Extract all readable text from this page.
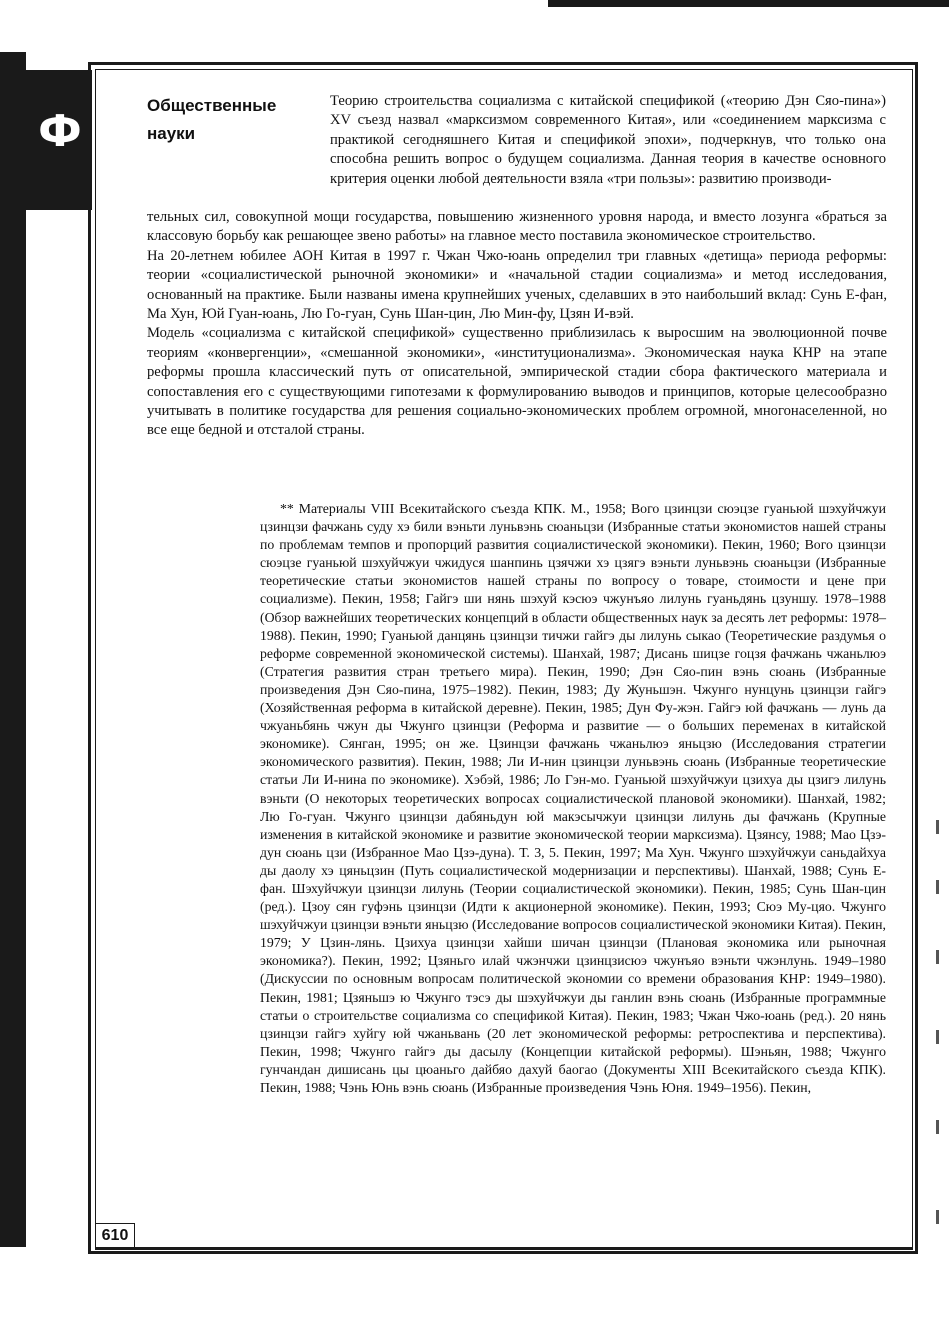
Ф
610
Общественные науки

Теорию строительства социализма с китайской спецификой («теорию Дэн Сяо-пина») XV съезд назвал «марксизмом современного Китая», или «соединением марксизма с практикой сегодняшнего Китая и спецификой эпохи», подчеркнув, что только она способна решить вопрос о будущем социализма. Данная теория в качестве основного критерия оценки любой деятельности взяла «три пользы»: развитию производи-

тельных сил, совокупной мощи государства, повышению жизненного уровня народа, и вместо лозунга «браться за классовую борьбу как решающее звено работы» на главное место поставила экономическое строительство.

На 20-летнем юбилее АОН Китая в 1997 г. Чжан Чжо-юань определил три главных «детища» периода реформы: теории «социалистической рыночной экономики» и «начальной стадии социализма» и метод исследования, основанный на практике. Были названы имена крупнейших ученых, сделавших в это наибольший вклад: Сунь Е-фан, Ма Хун, Юй Гуан-юань, Лю Го-гуан, Сунь Шан-цин, Лю Мин-фу, Цзян И-вэй.

Модель «социализма с китайской спецификой» существенно приблизилась к выросшим на эволюционной почве теориям «конвергенции», «смешанной экономики», «институционализма». Экономическая наука КНР на этапе реформы прошла классический путь от описательной, эмпирической стадии сбора фактического материала и сопоставления его с существующими гипотезами к формулированию выводов и принципов, которые целесообразно учитывать в политике государства для решения социально-экономических проблем огромной, многонаселенной, но все еще бедной и отсталой страны.

** Материалы VIII Всекитайского съезда КПК. М., 1958; Вого цзинцзи сюэцзе гуаньюй шэхуйчжуи цзинцзи фачжань суду хэ били вэньти луньвэнь сюаньцзи (Избранные статьи экономистов нашей страны по проблемам темпов и пропорций развития социалистической экономики). Пекин, 1960; Вого цзинцзи сюэцзе гуаньюй шэхуйчжуи чжидуся шанпинь цзячжи хэ цзягэ вэньти луньвэнь сюаньцзи (Избранные теоретические статьи экономистов нашей страны по вопросу о товаре, стоимости и цене при социализме). Пекин, 1958; Гайгэ ши нянь шэхуй кэсюэ чжунъяо лилунь гуаньдянь цзуншу. 1978–1988 (Обзор важнейших теоретических концепций в области общественных наук за десять лет реформы: 1978–1988). Пекин, 1990; Гуаньюй данцянь цзинцзи тичжи гайгэ ды лилунь сыкао (Теоретические раздумья о реформе современной экономической системы). Шанхай, 1987; Дисань шицзе гоцзя фачжань чжаньлюэ (Стратегия развития стран третьего мира). Пекин, 1990; Дэн Сяо-пин вэнь сюань (Избранные произведения Дэн Сяо-пина, 1975–1982). Пекин, 1983; Ду Жуньшэн. Чжунго нунцунь цзинцзи гайгэ (Хозяйственная реформа в китайской деревне). Пекин, 1985; Дун Фу-жэн. Гайгэ юй фачжань — лунь да чжуаньбянь чжун ды Чжунго цзинцзи (Реформа и развитие — о больших переменах в китайской экономике). Сянган, 1995; он же. Цзинцзи фачжань чжаньлюэ яньцзю (Исследования стратегии экономического развития). Пекин, 1988; Ли И-нин цзинцзи луньвэнь сюань (Избранные теоретические статьи Ли И-нина по экономике). Хэбэй, 1986; Ло Гэн-мо. Гуаньюй шэхуйчжуи цзихуа ды цзигэ лилунь вэньти (О некоторых теоретических вопросах социалистической плановой экономики). Шанхай, 1982; Лю Го-гуан. Чжунго цзинцзи дабяньдун юй макэсычжуи цзинцзи лилунь ды фачжань (Крупные изменения в китайской экономике и развитие экономической теории марксизма). Цзянсу, 1988; Мао Цзэ-дун сюань цзи (Избранное Мао Цзэ-дуна). Т. 3, 5. Пекин, 1997; Ма Хун. Чжунго шэхуйчжуи саньдайхуа ды даолу хэ цяньцзин (Путь социалистической модернизации и перспективы). Шанхай, 1988; Сунь Е-фан. Шэхуйчжуи цзинцзи лилунь (Теории социалистической экономики). Пекин, 1985; Сунь Шан-цин (ред.). Цзоу сян гуфэнь цзинцзи (Идти к акционерной экономике). Пекин, 1993; Сюэ Му-цяо. Чжунго шэхуйчжуи цзинцзи вэньти яньцзю (Исследование вопросов социалистической экономики Китая). Пекин, 1979; У Цзин-лянь. Цзихуа цзинцзи хайши шичан цзинцзи (Плановая экономика или рыночная экономика?). Пекин, 1992; Цзяньго илай чжэнчжи цзинцзисюэ чжунъяо вэньти чжэнлунь. 1949–1980 (Дискуссии по основным вопросам политической экономии со времени образования КНР: 1949–1980). Пекин, 1981; Цзяньшэ ю Чжунго тэсэ ды шэхуйчжуи ды ганлин вэнь сюань (Избранные программные статьи о строительстве социализма со спецификой Китая). Пекин, 1983; Чжан Чжо-юань (ред.). 20 нянь цзинцзи гайгэ хуйгу юй чжаньвань (20 лет экономической реформы: ретроспектива и перспектива). Пекин, 1998; Чжунго гайгэ ды дасылу (Концепции китайской реформы). Шэньян, 1988; Чжунго гунчандан дишисань цы цюаньго дайбяо дахуй баогао (Документы XIII Всекитайского съезда КПК). Пекин, 1988; Чэнь Юнь вэнь сюань (Избранные произведения Чэнь Юня. 1949–1956). Пекин,
